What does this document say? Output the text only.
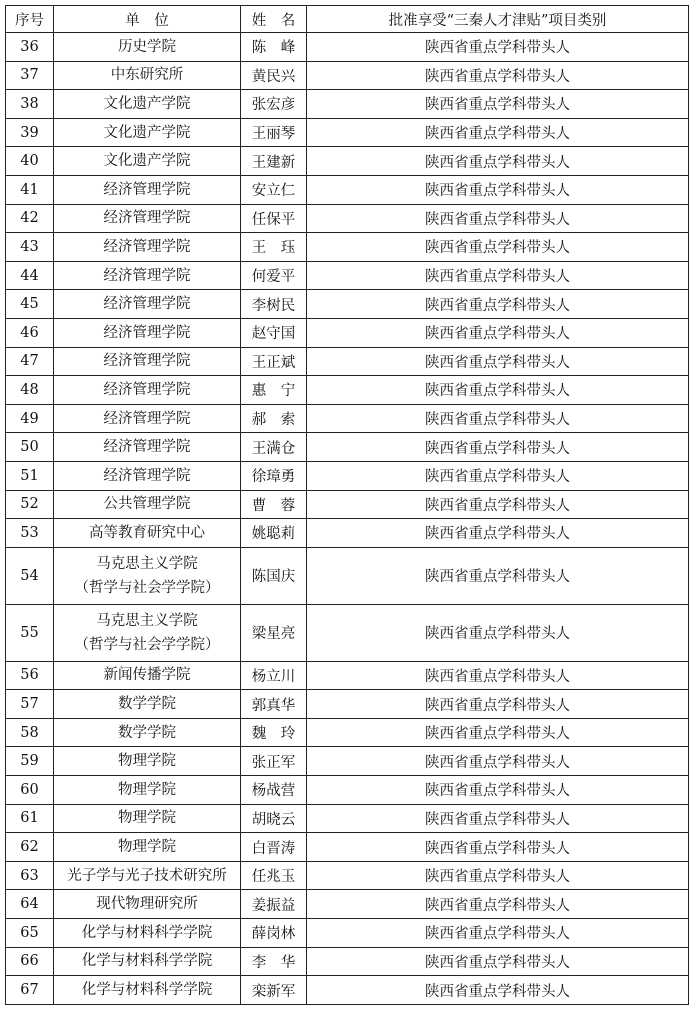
序号	单　位	姓　名	批准享受“三秦人才津贴”项目类别
36	历史学院	陈　峰	陕西省重点学科带头人
37	中东研究所	黄民兴	陕西省重点学科带头人
38	文化遗产学院	张宏彦	陕西省重点学科带头人
39	文化遗产学院	王丽琴	陕西省重点学科带头人
40	文化遗产学院	王建新	陕西省重点学科带头人
41	经济管理学院	安立仁	陕西省重点学科带头人
42	经济管理学院	任保平	陕西省重点学科带头人
43	经济管理学院	王　珏	陕西省重点学科带头人
44	经济管理学院	何爱平	陕西省重点学科带头人
45	经济管理学院	李树民	陕西省重点学科带头人
46	经济管理学院	赵守国	陕西省重点学科带头人
47	经济管理学院	王正斌	陕西省重点学科带头人
48	经济管理学院	惠　宁	陕西省重点学科带头人
49	经济管理学院	郝　索	陕西省重点学科带头人
50	经济管理学院	王满仓	陕西省重点学科带头人
51	经济管理学院	徐璋勇	陕西省重点学科带头人
52	公共管理学院	曹　蓉	陕西省重点学科带头人
53	高等教育研究中心	姚聪莉	陕西省重点学科带头人
54	马克思主义学院
（哲学与社会学学院）	陈国庆	陕西省重点学科带头人
55	马克思主义学院
（哲学与社会学学院）	梁星亮	陕西省重点学科带头人
56	新闻传播学院	杨立川	陕西省重点学科带头人
57	数学学院	郭真华	陕西省重点学科带头人
58	数学学院	魏　玲	陕西省重点学科带头人
59	物理学院	张正军	陕西省重点学科带头人
60	物理学院	杨战营	陕西省重点学科带头人
61	物理学院	胡晓云	陕西省重点学科带头人
62	物理学院	白晋涛	陕西省重点学科带头人
63	光子学与光子技术研究所	任兆玉	陕西省重点学科带头人
64	现代物理研究所	姜振益	陕西省重点学科带头人
65	化学与材料科学学院	薛岗林	陕西省重点学科带头人
66	化学与材料科学学院	李　华	陕西省重点学科带头人
67	化学与材料科学学院	栾新军	陕西省重点学科带头人
